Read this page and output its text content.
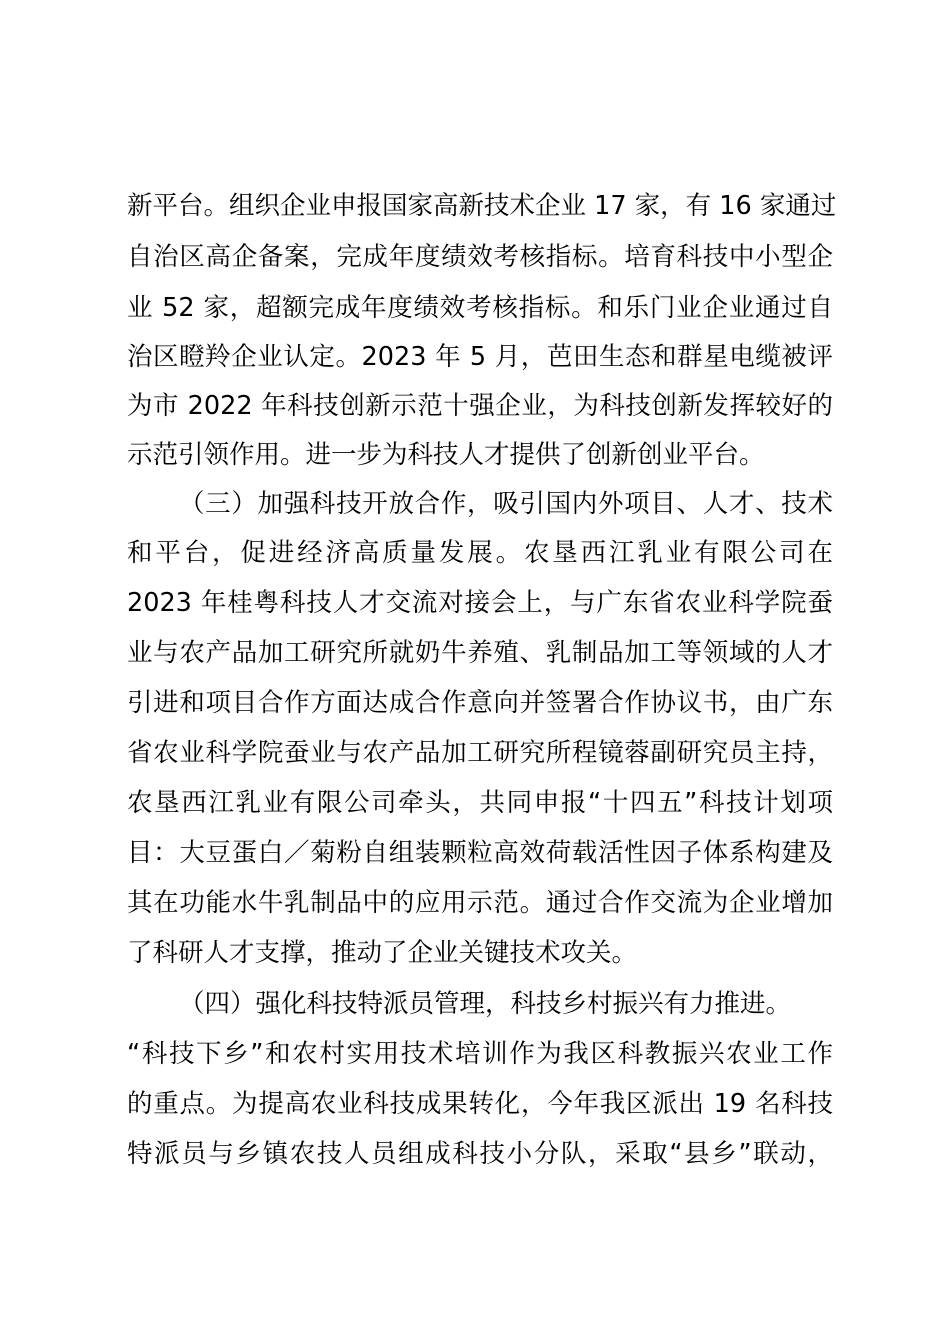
新平台。组织企业申报国家高新技术企业 17 家，有 16 家通过
自治区高企备案，完成年度绩效考核指标。培育科技中小型企
业 52 家，超额完成年度绩效考核指标。和乐门业企业通过自
治区瞪羚企业认定。2023 年 5 月，芭田生态和群星电缆被评
为市 2022 年科技创新示范十强企业，为科技创新发挥较好的
示范引领作用。进一步为科技人才提供了创新创业平台。
（三）加强科技开放合作，吸引国内外项目、人才、技术
和平台，促进经济高质量发展。农垦西江乳业有限公司在
2023 年桂粤科技人才交流对接会上，与广东省农业科学院蚕
业与农产品加工研究所就奶牛养殖、乳制品加工等领域的人才
引进和项目合作方面达成合作意向并签署合作协议书，由广东
省农业科学院蚕业与农产品加工研究所程镜蓉副研究员主持，
农垦西江乳业有限公司牵头，共同申报“十四五”科技计划项
目：大豆蛋白／菊粉自组装颗粒高效荷载活性因子体系构建及
其在功能水牛乳制品中的应用示范。通过合作交流为企业增加
了科研人才支撑，推动了企业关键技术攻关。
（四）强化科技特派员管理，科技乡村振兴有力推进。
“科技下乡”和农村实用技术培训作为我区科教振兴农业工作
的重点。为提高农业科技成果转化，今年我区派出 19 名科技
特派员与乡镇农技人员组成科技小分队，采取“县乡”联动，
